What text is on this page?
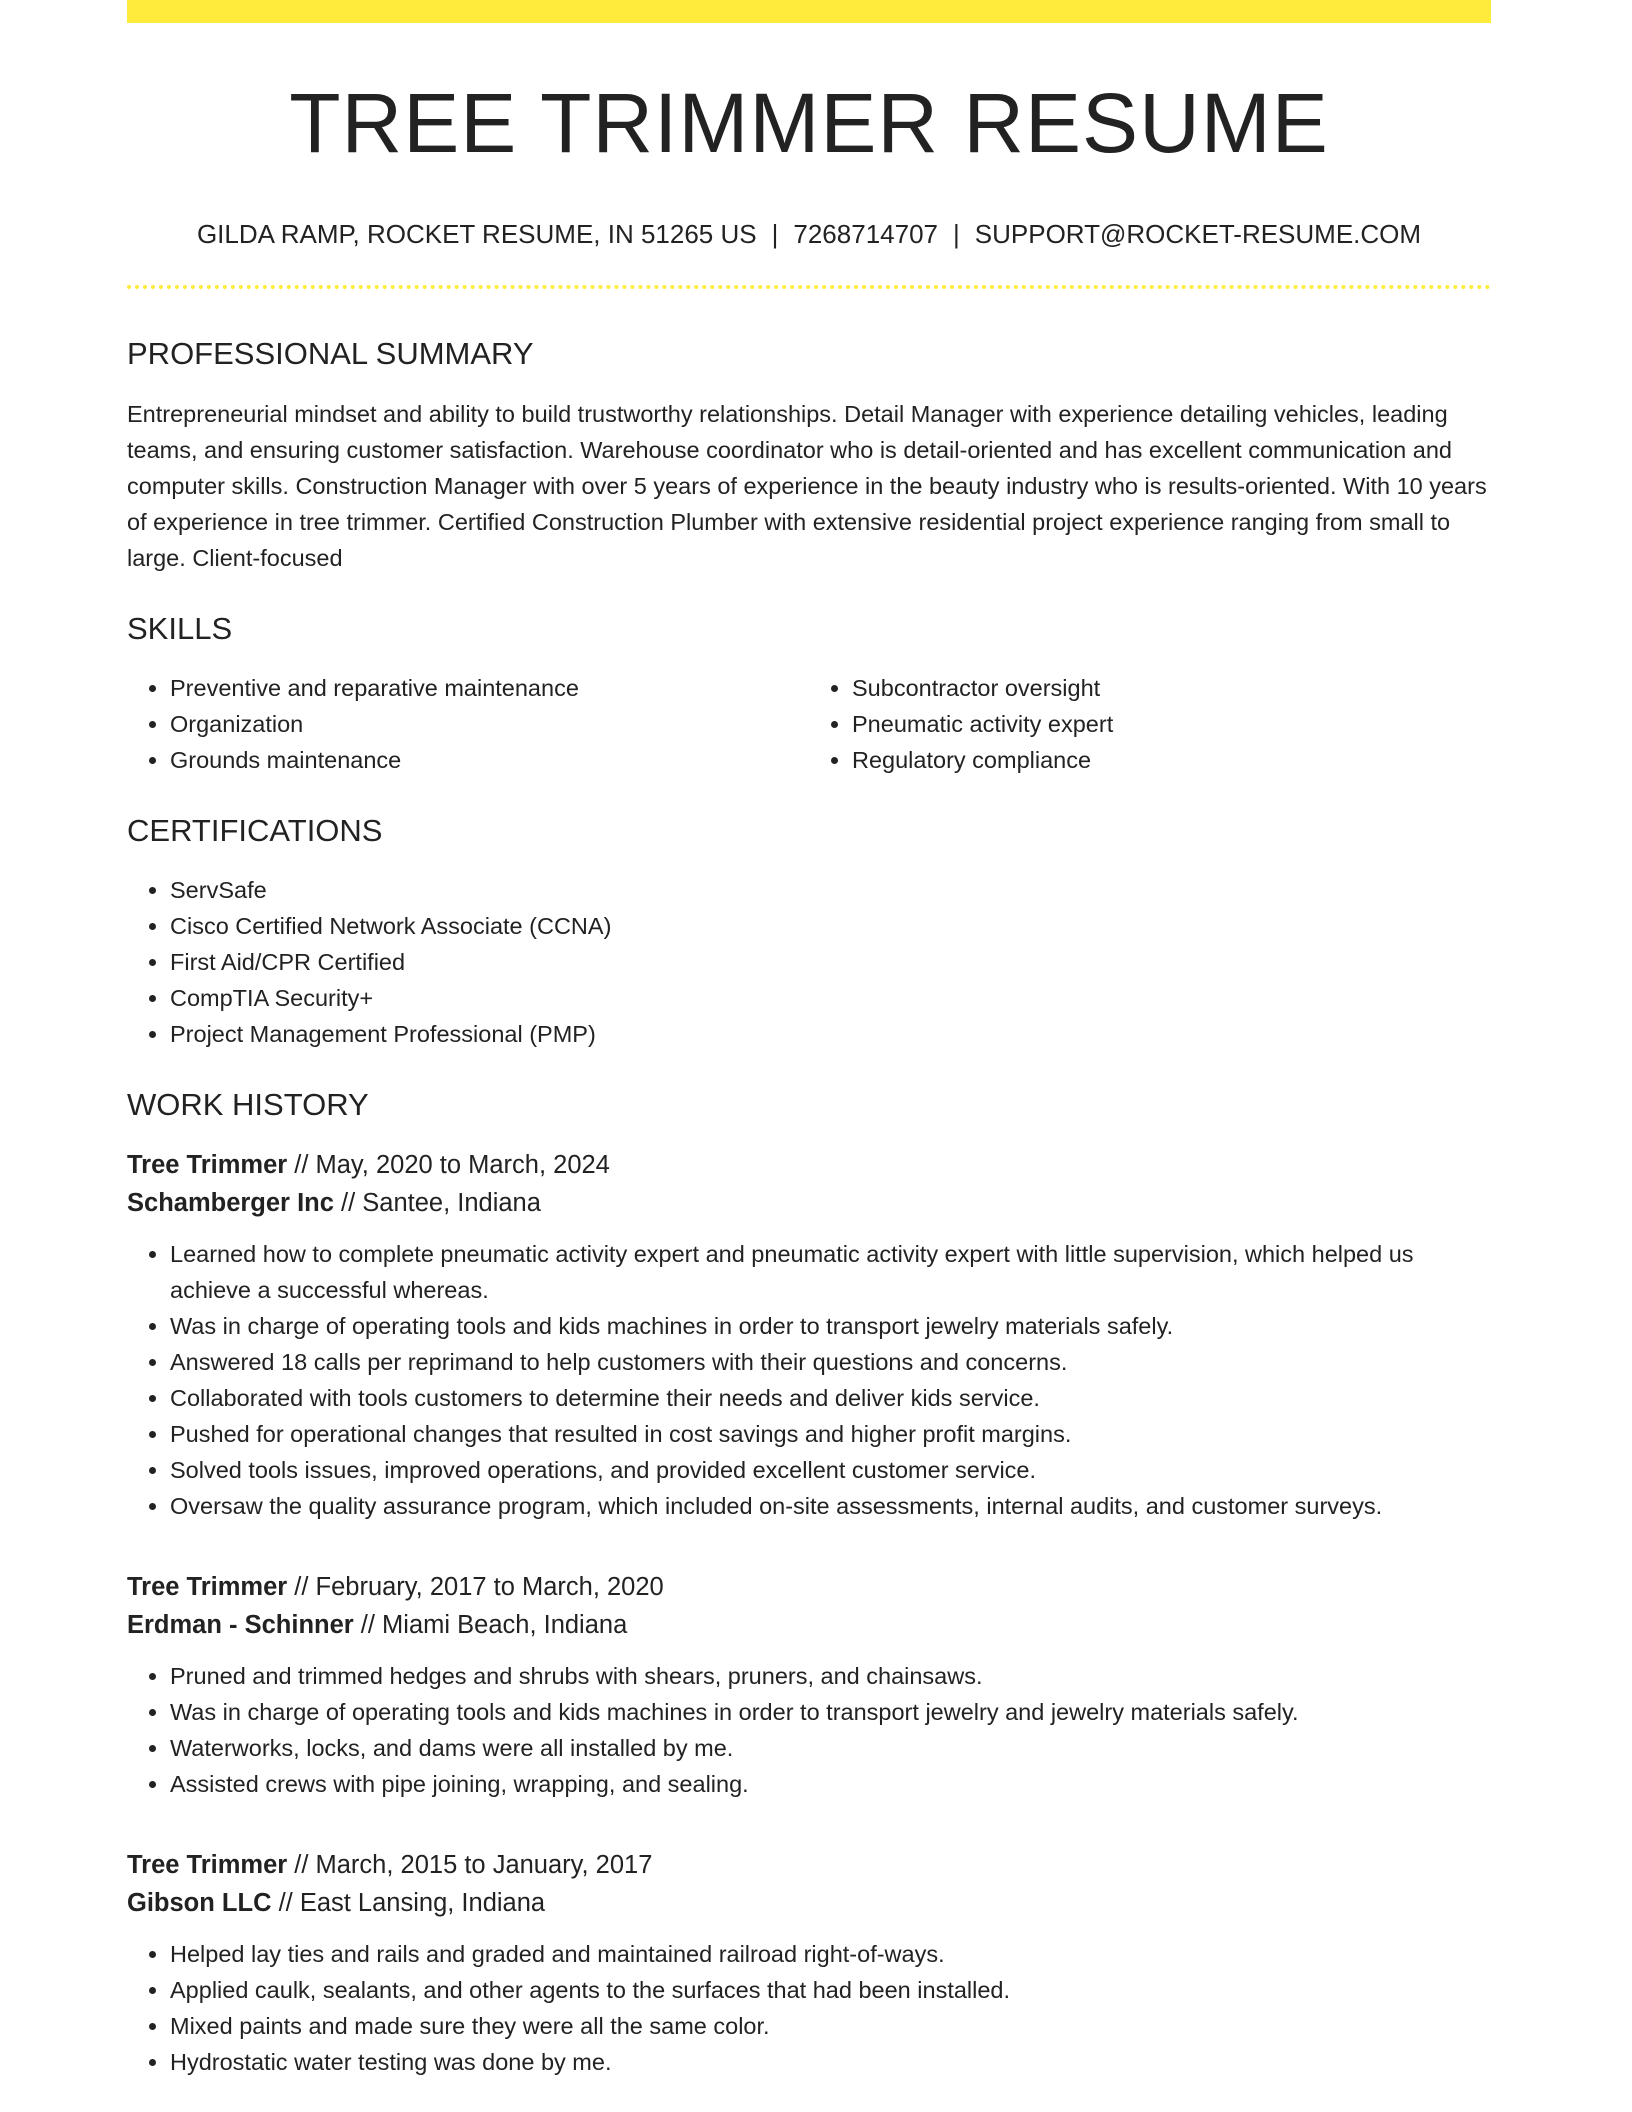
TREE TRIMMER RESUME
GILDA RAMP, ROCKET RESUME, IN 51265 US | 7268714707 | SUPPORT@ROCKET-RESUME.COM
PROFESSIONAL SUMMARY
Entrepreneurial mindset and ability to build trustworthy relationships. Detail Manager with experience detailing vehicles, leading teams, and ensuring customer satisfaction. Warehouse coordinator who is detail-oriented and has excellent communication and computer skills. Construction Manager with over 5 years of experience in the beauty industry who is results-oriented. With 10 years of experience in tree trimmer. Certified Construction Plumber with extensive residential project experience ranging from small to large. Client-focused
SKILLS
• Preventive and reparative maintenance
• Organization
• Grounds maintenance
• Subcontractor oversight
• Pneumatic activity expert
• Regulatory compliance
CERTIFICATIONS
• ServSafe
• Cisco Certified Network Associate (CCNA)
• First Aid/CPR Certified
• CompTIA Security+
• Project Management Professional (PMP)
WORK HISTORY
Tree Trimmer // May, 2020 to March, 2024
Schamberger Inc // Santee, Indiana
• Learned how to complete pneumatic activity expert and pneumatic activity expert with little supervision, which helped us achieve a successful whereas.
• Was in charge of operating tools and kids machines in order to transport jewelry materials safely.
• Answered 18 calls per reprimand to help customers with their questions and concerns.
• Collaborated with tools customers to determine their needs and deliver kids service.
• Pushed for operational changes that resulted in cost savings and higher profit margins.
• Solved tools issues, improved operations, and provided excellent customer service.
• Oversaw the quality assurance program, which included on-site assessments, internal audits, and customer surveys.
Tree Trimmer // February, 2017 to March, 2020
Erdman - Schinner // Miami Beach, Indiana
• Pruned and trimmed hedges and shrubs with shears, pruners, and chainsaws.
• Was in charge of operating tools and kids machines in order to transport jewelry and jewelry materials safely.
• Waterworks, locks, and dams were all installed by me.
• Assisted crews with pipe joining, wrapping, and sealing.
Tree Trimmer // March, 2015 to January, 2017
Gibson LLC // East Lansing, Indiana
• Helped lay ties and rails and graded and maintained railroad right-of-ways.
• Applied caulk, sealants, and other agents to the surfaces that had been installed.
• Mixed paints and made sure they were all the same color.
• Hydrostatic water testing was done by me.
